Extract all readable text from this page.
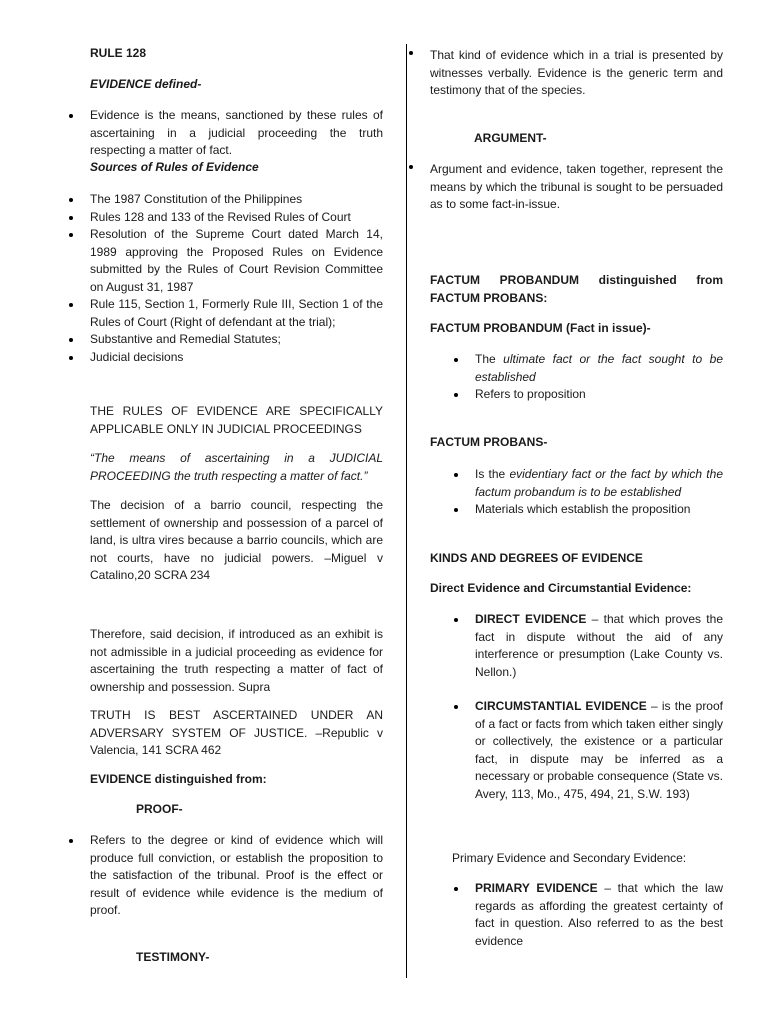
RULE 128
EVIDENCE defined-
Evidence is the means, sanctioned by these rules of ascertaining in a judicial proceeding the truth respecting a matter of fact.
Sources of Rules of Evidence
The 1987 Constitution of the Philippines
Rules 128 and 133 of the Revised Rules of Court
Resolution of the Supreme Court dated March 14, 1989 approving the Proposed Rules on Evidence submitted by the Rules of Court Revision Committee on August 31, 1987
Rule 115, Section 1, Formerly Rule III, Section 1 of the Rules of Court (Right of defendant at the trial);
Substantive and Remedial Statutes;
Judicial decisions
THE RULES OF EVIDENCE ARE SPECIFICALLY APPLICABLE ONLY IN JUDICIAL PROCEEDINGS
“The means of ascertaining in a JUDICIAL PROCEEDING the truth respecting a matter of fact.”
The decision of a barrio council, respecting the settlement of ownership and possession of a parcel of land, is ultra vires because a barrio councils, which are not courts, have no judicial powers. –Miguel v Catalino,20 SCRA 234
Therefore, said decision, if introduced as an exhibit is not admissible in a judicial proceeding as evidence for ascertaining the truth respecting a matter of fact of ownership and possession. Supra
TRUTH IS BEST ASCERTAINED UNDER AN ADVERSARY SYSTEM OF JUSTICE. –Republic v Valencia, 141 SCRA 462
EVIDENCE distinguished from:
PROOF-
Refers to the degree or kind of evidence which will produce full conviction, or establish the proposition to the satisfaction of the tribunal. Proof is the effect or result of evidence while evidence is the medium of proof.
TESTIMONY-
That kind of evidence which in a trial is presented by witnesses verbally. Evidence is the generic term and testimony that of the species.
ARGUMENT-
Argument and evidence, taken together, represent the means by which the tribunal is sought to be persuaded as to some fact-in-issue.
FACTUM PROBANDUM distinguished from FACTUM PROBANS:
FACTUM PROBANDUM (Fact in issue)-
The ultimate fact or the fact sought to be established
Refers to proposition
FACTUM PROBANS-
Is the evidentiary fact or the fact by which the factum probandum is to be established
Materials which establish the proposition
KINDS AND DEGREES OF EVIDENCE
Direct Evidence and Circumstantial Evidence:
DIRECT EVIDENCE – that which proves the fact in dispute without the aid of any interference or presumption (Lake County vs. Nellon.)
CIRCUMSTANTIAL EVIDENCE – is the proof of a fact or facts from which taken either singly or collectively, the existence or a particular fact, in dispute may be inferred as a necessary or probable consequence (State vs. Avery, 113, Mo., 475, 494, 21, S.W. 193)
Primary Evidence and Secondary Evidence:
PRIMARY EVIDENCE – that which the law regards as affording the greatest certainty of fact in question. Also referred to as the best evidence
